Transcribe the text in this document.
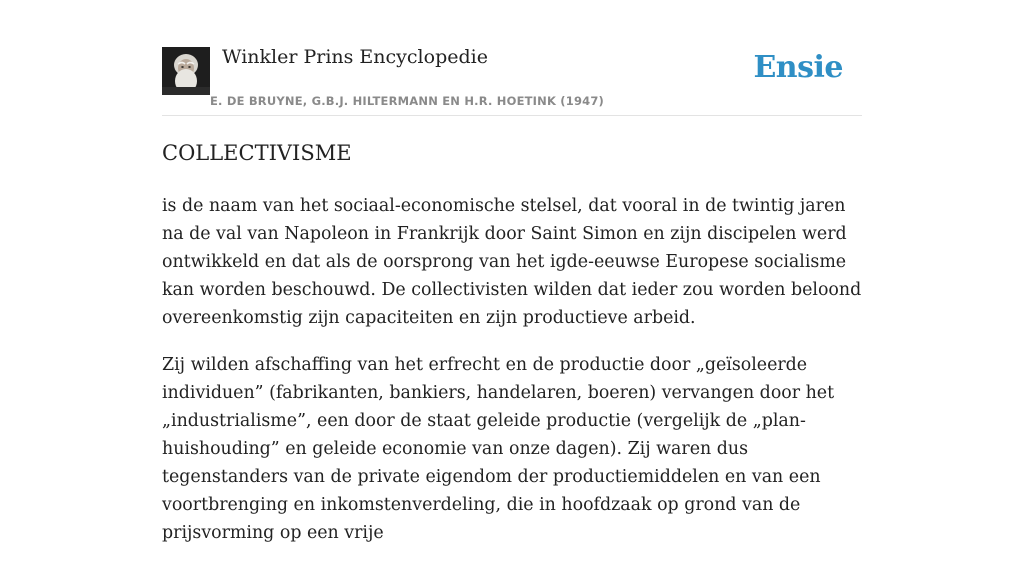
Winkler Prins Encyclopedie
E. DE BRUYNE, G.B.J. HILTERMANN EN H.R. HOETINK (1947)
Ensie
COLLECTIVISME

is de naam van het sociaal-economische stelsel, dat vooral in de twintig jaren na de val van Napoleon in Frankrijk door Saint Simon en zijn discipelen werd ontwikkeld en dat als de oorsprong van het igde-eeuwse Europese socialisme kan worden beschouwd. De collectivisten wilden dat ieder zou worden beloond overeenkomstig zijn capaciteiten en zijn productieve arbeid.

Zij wilden afschaffing van het erfrecht en de productie door „geïsoleerde individuen” (fabrikanten, bankiers, handelaren, boeren) vervangen door het „industrialisme”, een door de staat geleide productie (vergelijk de „plan-huishouding” en geleide economie van onze dagen). Zij waren dus tegenstanders van de private eigendom der productiemiddelen en van een voortbrenging en inkomstenverdeling, die in hoofdzaak op grond van de prijsvorming op een vrije
